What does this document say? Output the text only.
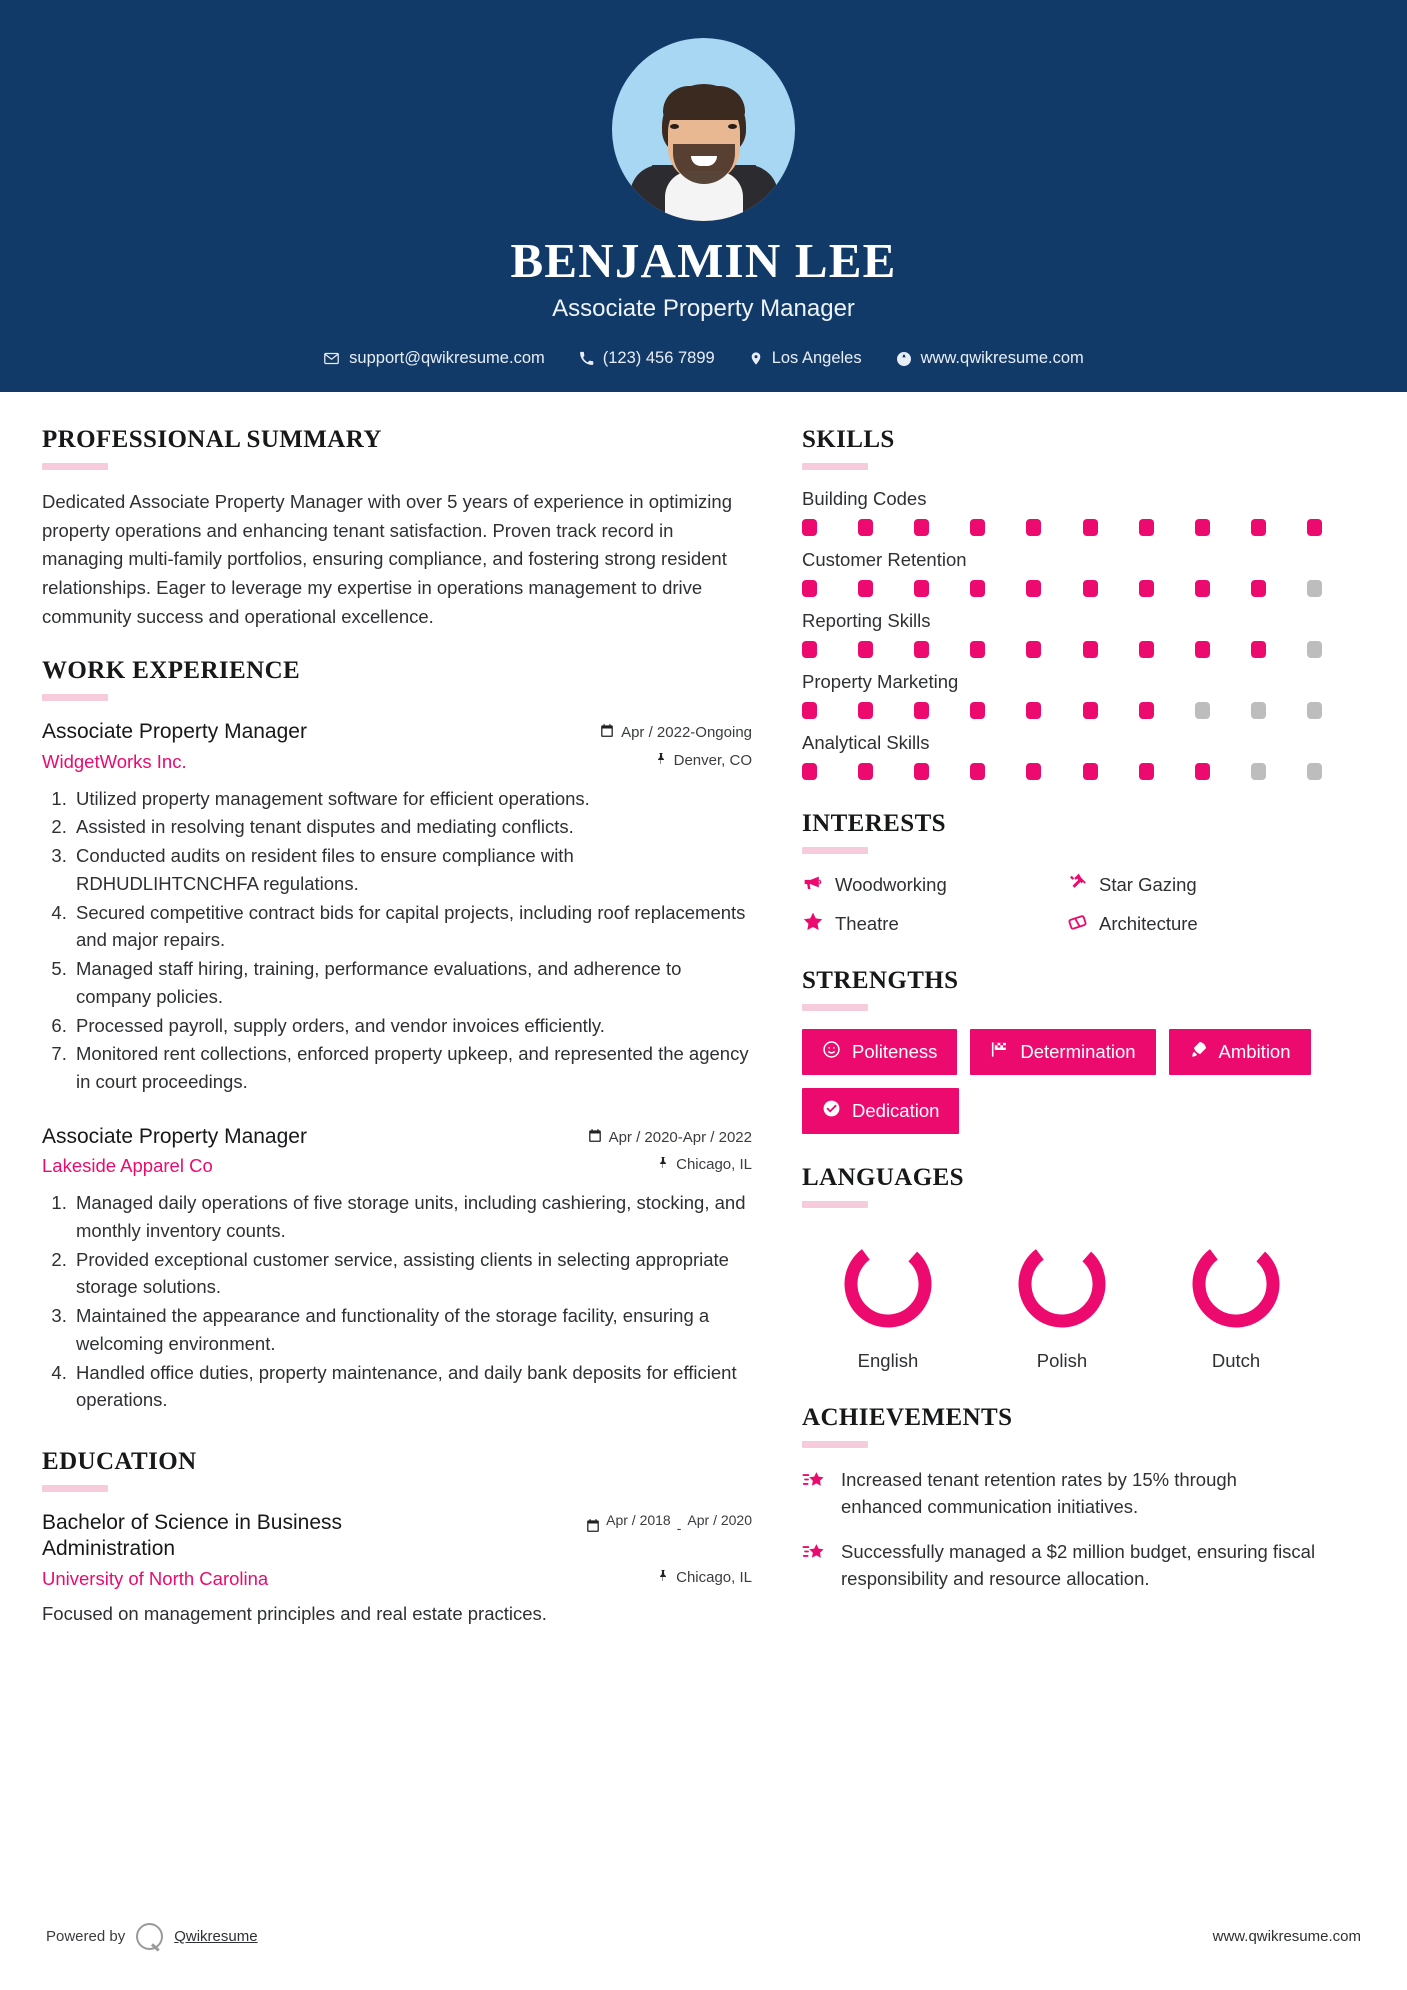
BENJAMIN LEE
Associate Property Manager
support@qwikresume.com	(123) 456 7899	Los Angeles	www.qwikresume.com
PROFESSIONAL SUMMARY
Dedicated Associate Property Manager with over 5 years of experience in optimizing property operations and enhancing tenant satisfaction. Proven track record in managing multi-family portfolios, ensuring compliance, and fostering strong resident relationships. Eager to leverage my expertise in operations management to drive community success and operational excellence.
WORK EXPERIENCE
Associate Property Manager	Apr / 2022-Ongoing
WidgetWorks Inc.	Denver, CO
1. Utilized property management software for efficient operations.
2. Assisted in resolving tenant disputes and mediating conflicts.
3. Conducted audits on resident files to ensure compliance with RDHUDLIHTCNCHFA regulations.
4. Secured competitive contract bids for capital projects, including roof replacements and major repairs.
5. Managed staff hiring, training, performance evaluations, and adherence to company policies.
6. Processed payroll, supply orders, and vendor invoices efficiently.
7. Monitored rent collections, enforced property upkeep, and represented the agency in court proceedings.
Associate Property Manager	Apr / 2020-Apr / 2022
Lakeside Apparel Co	Chicago, IL
1. Managed daily operations of five storage units, including cashiering, stocking, and monthly inventory counts.
2. Provided exceptional customer service, assisting clients in selecting appropriate storage solutions.
3. Maintained the appearance and functionality of the storage facility, ensuring a welcoming environment.
4. Handled office duties, property maintenance, and daily bank deposits for efficient operations.
EDUCATION
Bachelor of Science in Business Administration
Apr / 2018 - Apr / 2020
University of North Carolina	Chicago, IL
Focused on management principles and real estate practices.
SKILLS
Building Codes
Customer Retention
Reporting Skills
Property Marketing
Analytical Skills
INTERESTS
Woodworking	Star Gazing
Theatre	Architecture
STRENGTHS
Politeness	Determination	Ambition
Dedication
LANGUAGES
English	Polish	Dutch
ACHIEVEMENTS
Increased tenant retention rates by 15% through enhanced communication initiatives.
Successfully managed a $2 million budget, ensuring fiscal responsibility and resource allocation.
Powered by	Qwikresume	www.qwikresume.com
